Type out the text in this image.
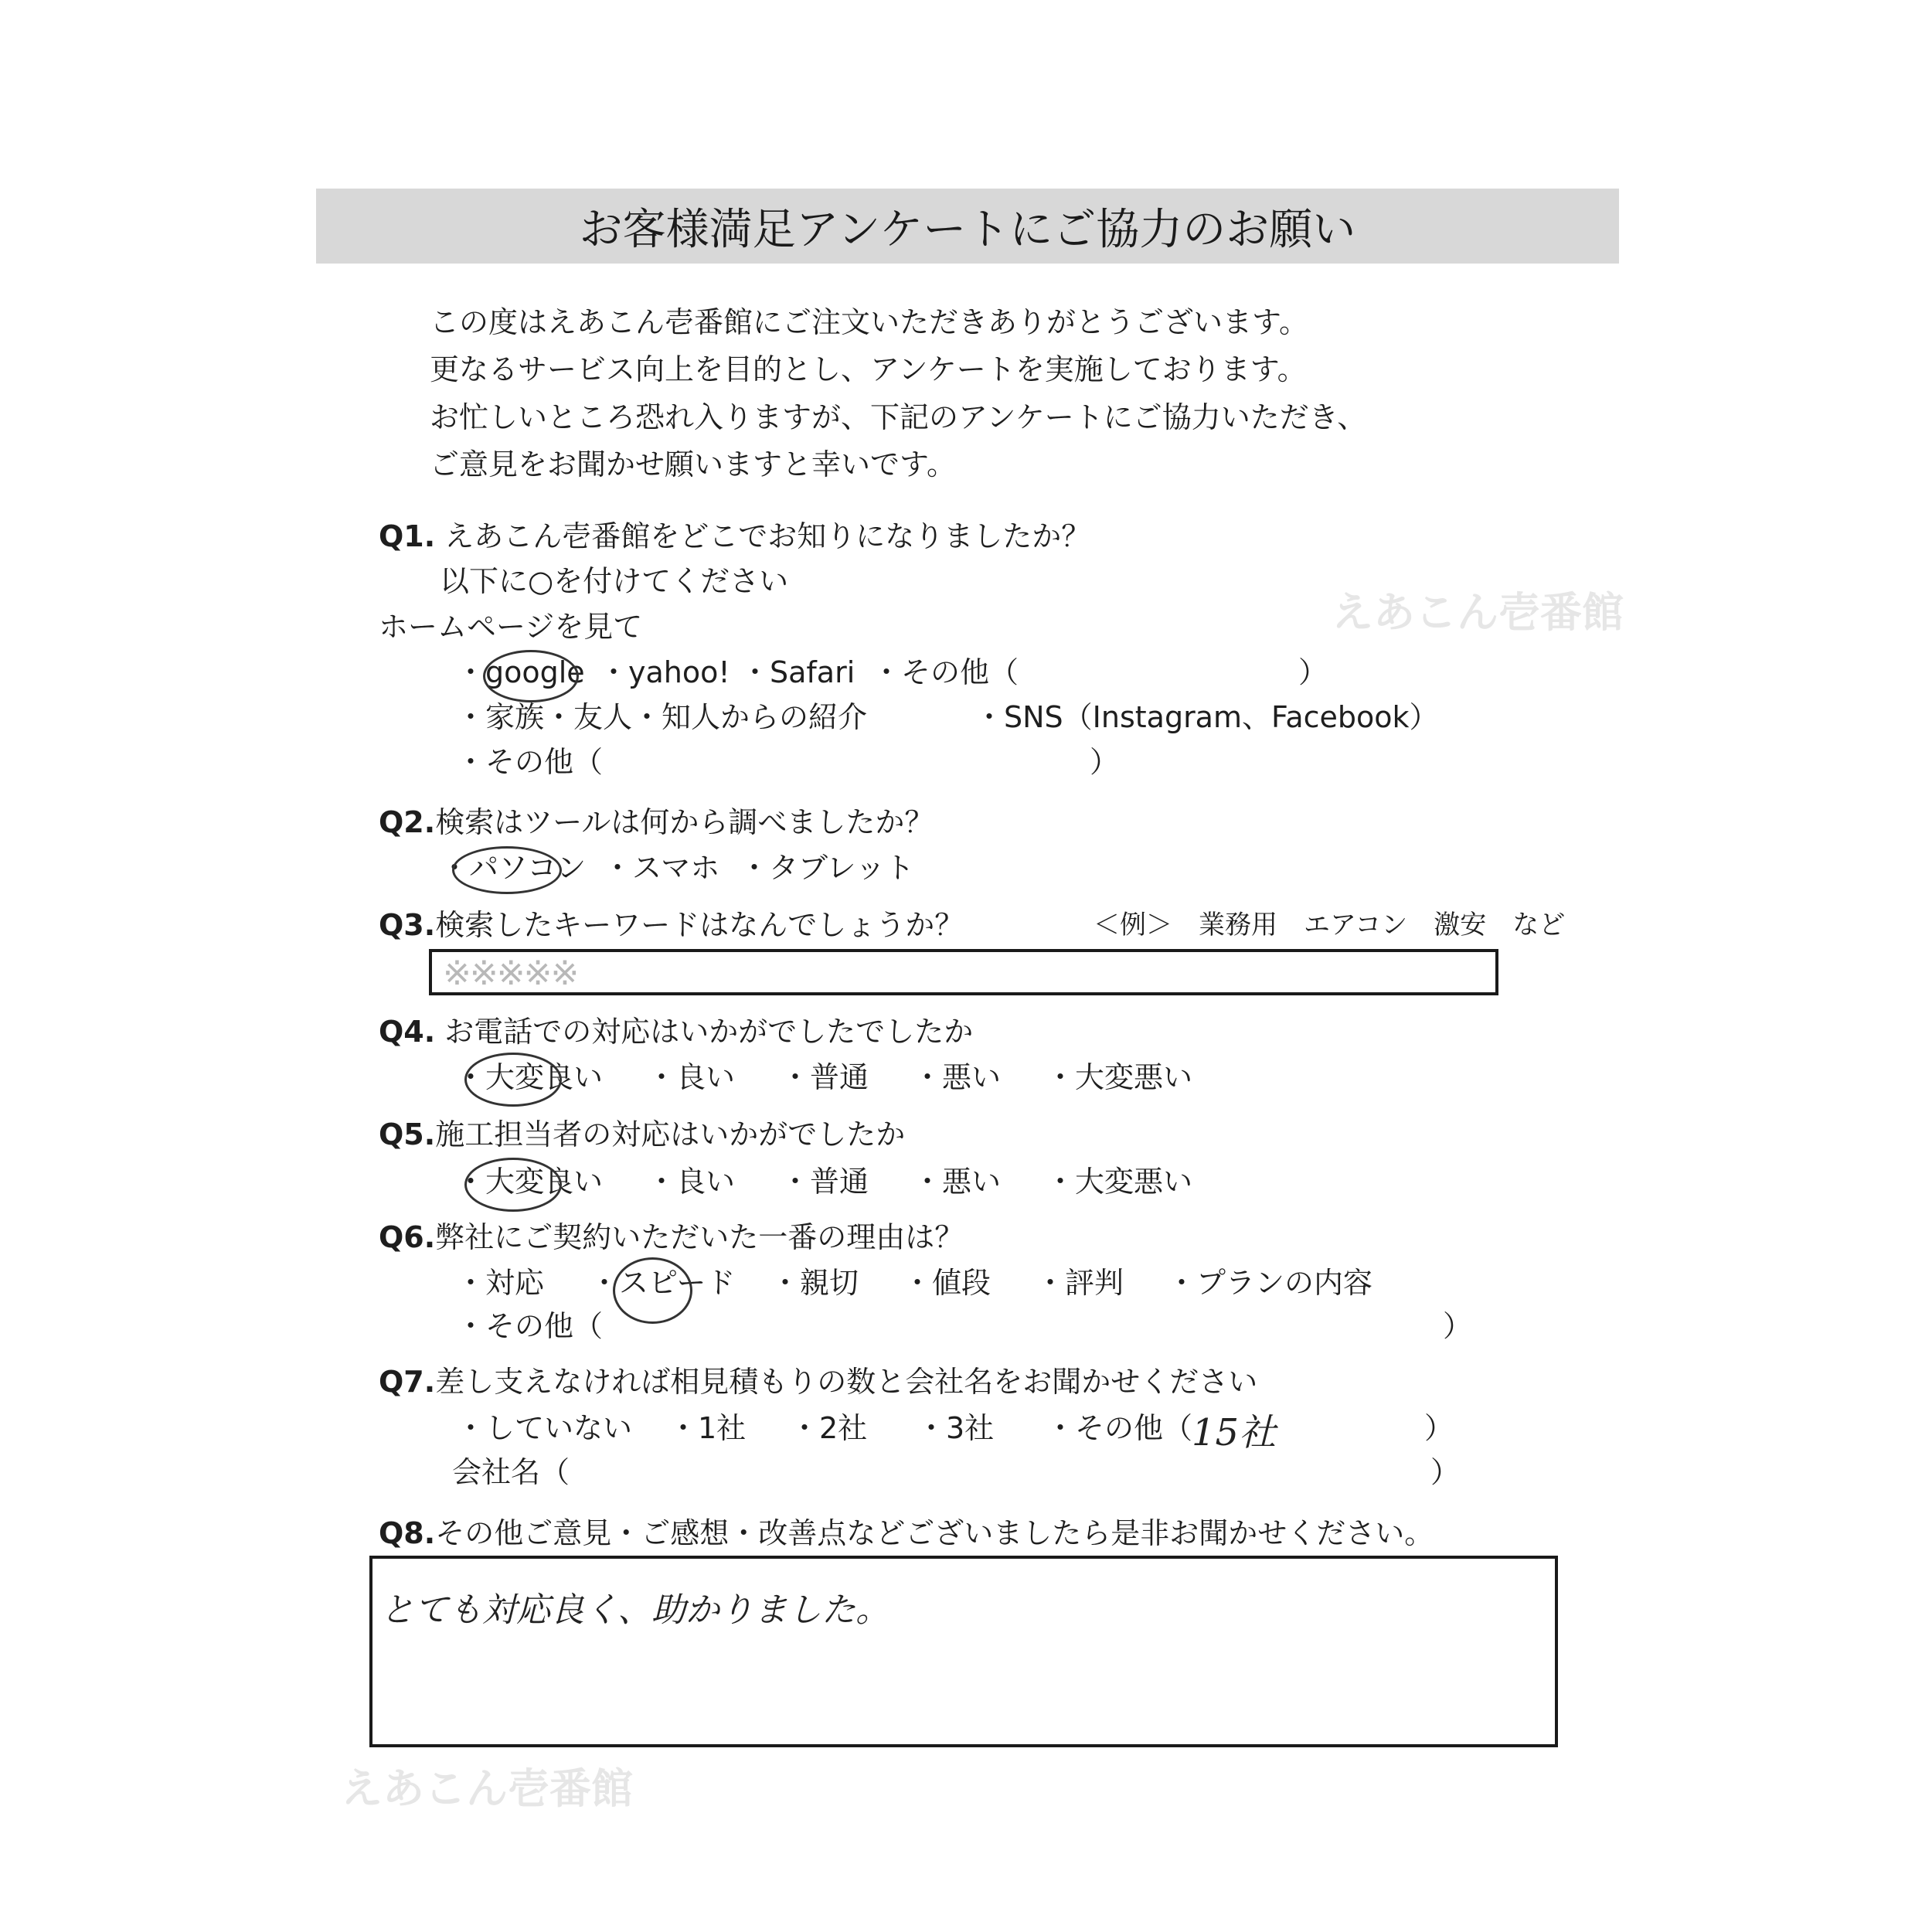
お客様満足アンケートにご協力のお願い
この度はえあこん壱番館にご注文いただきありがとうございます。
更なるサービス向上を目的とし、アンケートを実施しております。
お忙しいところ恐れ入りますが、下記のアンケートにご協力いただき、
ご意見をお聞かせ願いますと幸いです。
えあこん壱番館
えあこん壱番館
Q1. えあこん壱番館をどこでお知りになりましたか？
以下に○を付けてください
ホームページを見て
・google ・yahoo! ・Safari ・その他（	）
・家族・友人・知人からの紹介	・SNS（Instagram、Facebook）
・その他（	）
Q2.検索はツールは何から調べましたか？
・パソコン ・スマホ ・タブレット
Q3.検索したキーワードはなんでしょうか？	＜例＞　業務用　エアコン　激安　など
※※※※※
Q4. お電話での対応はいかがでしたでしたか
・大変良い ・良い ・普通 ・悪い ・大変悪い
Q5.施工担当者の対応はいかがでしたか
・大変良い ・良い ・普通 ・悪い ・大変悪い
Q6.弊社にご契約いただいた一番の理由は？
・対応 ・スピード ・親切 ・値段 ・評判 ・プランの内容
・その他（	）
Q7.差し支えなければ相見積もりの数と会社名をお聞かせください
・していない ・1社 ・2社 ・3社 ・その他（
15社	）
会社名（	）
Q8.その他ご意見・ご感想・改善点などございましたら是非お聞かせください。
とても対応良く、助かりました。
